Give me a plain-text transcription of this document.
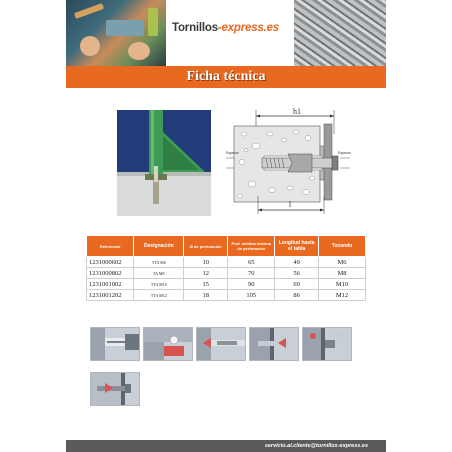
Tornillos-express.es
Ficha técnica
h1
Espesor	Espesor
l
Referencia	Designación	Ø de perforación	Prof. mínima mínima de perforación	Longitud hasta el tabla	Tocando
1231000602	TTA M6	10	65	49	M6
1231000802	TA M8	12	70	56	M8
1231001002	TTA M10	15	90	69	M10
1231001202	TTA M12	18	105	86	M12
servicio.al.cliente@tornillos-express.es
